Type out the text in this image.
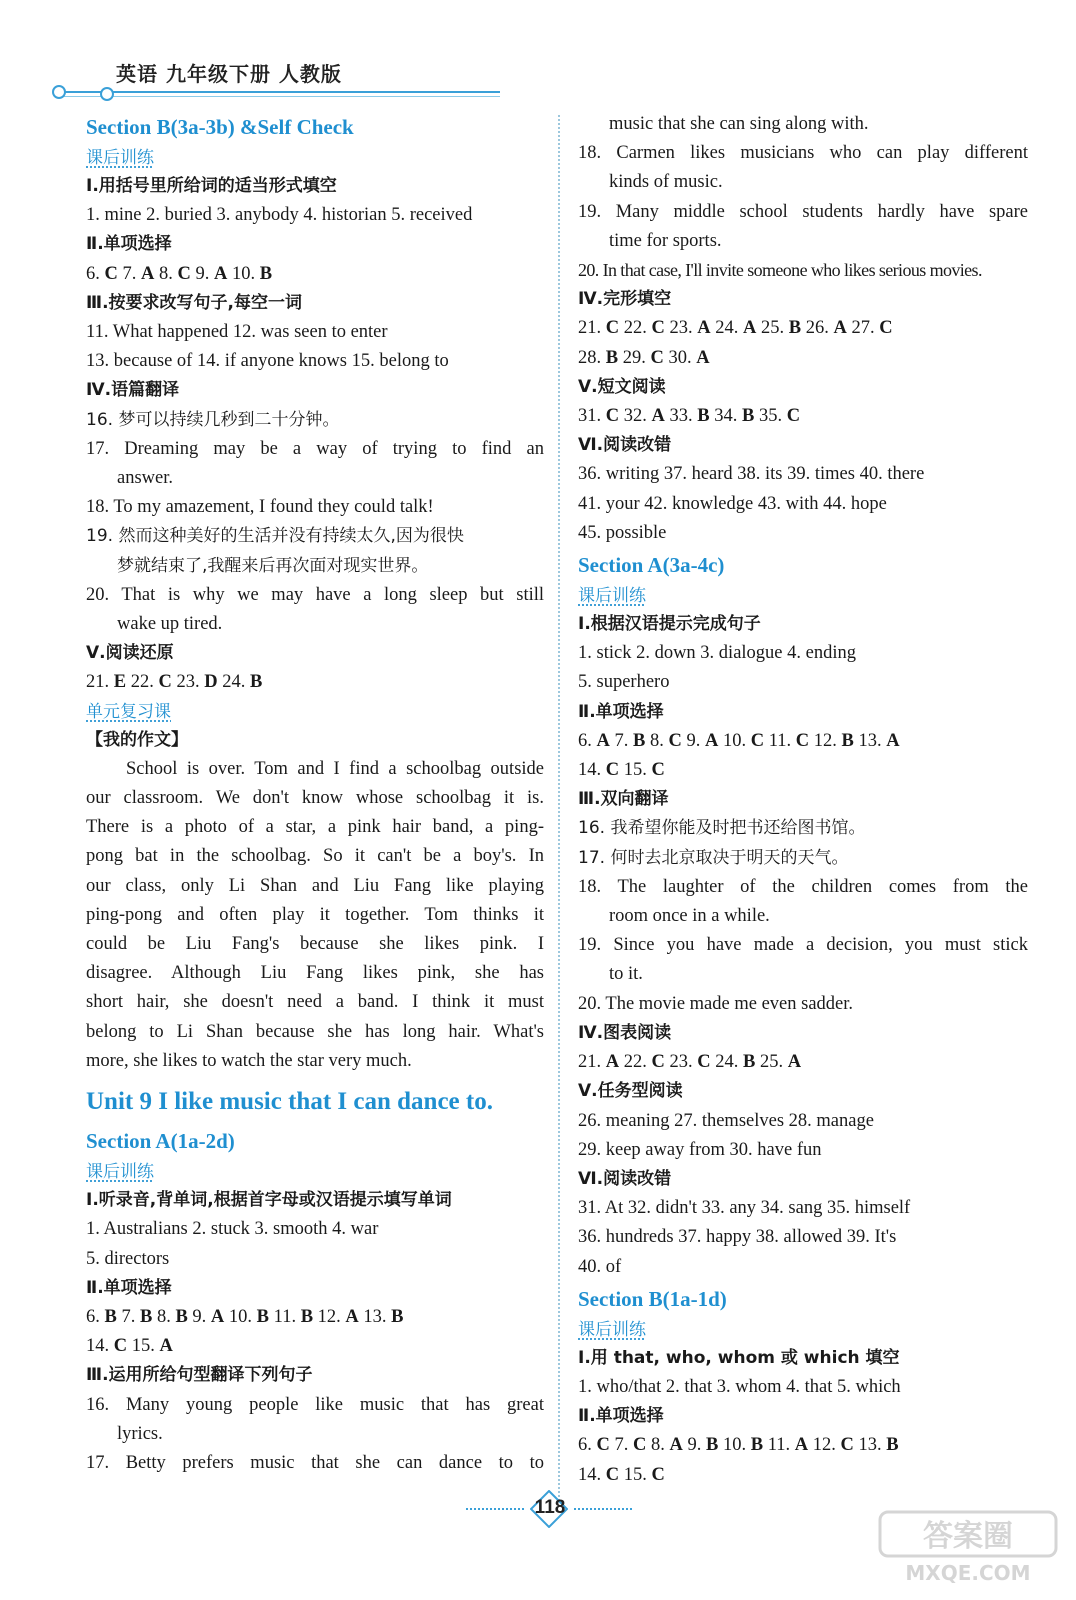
英语 九年级下册 人教版
Section B(3a-3b) &Self Check
课后训练
Ⅰ.用括号里所给词的适当形式填空
1. mine 2. buried 3. anybody 4. historian 5. received
Ⅱ.单项选择
6. C 7. A 8. C 9. A 10. B
Ⅲ.按要求改写句子,每空一词
11. What happened 12. was seen to enter
13. because of 14. if anyone knows 15. belong to
Ⅳ.语篇翻译
16. 梦可以持续几秒到二十分钟。
17. Dreaming may be a way of trying to find an
answer.
18. To my amazement, I found they could talk!
19. 然而这种美好的生活并没有持续太久,因为很快
梦就结束了,我醒来后再次面对现实世界。
20. That is why we may have a long sleep but still
wake up tired.
Ⅴ.阅读还原
21. E 22. C 23. D 24. B
单元复习课
【我的作文】
School is over. Tom and I find a schoolbag outside
our classroom. We don't know whose schoolbag it is.
There is a photo of a star, a pink hair band, a ping-
pong bat in the schoolbag. So it can't be a boy's. In
our class, only Li Shan and Liu Fang like playing
ping-pong and often play it together. Tom thinks it
could be Liu Fang's because she likes pink. I
disagree. Although Liu Fang likes pink, she has
short hair, she doesn't need a band. I think it must
belong to Li Shan because she has long hair. What's
more, she likes to watch the star very much.
Unit 9 I like music that I can dance to.
Section A(1a-2d)
课后训练
Ⅰ.听录音,背单词,根据首字母或汉语提示填写单词
1. Australians 2. stuck 3. smooth 4. war
5. directors
Ⅱ.单项选择
6. B 7. B 8. B 9. A 10. B 11. B 12. A 13. B
14. C 15. A
Ⅲ.运用所给句型翻译下列句子
16. Many young people like music that has great
lyrics.
17. Betty prefers music that she can dance to to
music that she can sing along with.
18. Carmen likes musicians who can play different
kinds of music.
19. Many middle school students hardly have spare
time for sports.
20. In that case, I'll invite someone who likes serious movies.
Ⅳ.完形填空
21. C 22. C 23. A 24. A 25. B 26. A 27. C
28. B 29. C 30. A
Ⅴ.短文阅读
31. C 32. A 33. B 34. B 35. C
Ⅵ.阅读改错
36. writing 37. heard 38. its 39. times 40. there
41. your 42. knowledge 43. with 44. hope
45. possible
Section A(3a-4c)
课后训练
Ⅰ.根据汉语提示完成句子
1. stick 2. down 3. dialogue 4. ending
5. superhero
Ⅱ.单项选择
6. A 7. B 8. C 9. A 10. C 11. C 12. B 13. A
14. C 15. C
Ⅲ.双向翻译
16. 我希望你能及时把书还给图书馆。
17. 何时去北京取决于明天的天气。
18. The laughter of the children comes from the
room once in a while.
19. Since you have made a decision, you must stick
to it.
20. The movie made me even sadder.
Ⅳ.图表阅读
21. A 22. C 23. C 24. B 25. A
Ⅴ.任务型阅读
26. meaning 27. themselves 28. manage
29. keep away from 30. have fun
Ⅵ.阅读改错
31. At 32. didn't 33. any 34. sang 35. himself
36. hundreds 37. happy 38. allowed 39. It's
40. of
Section B(1a-1d)
课后训练
Ⅰ.用 that, who, whom 或 which 填空
1. who/that 2. that 3. whom 4. that 5. which
Ⅱ.单项选择
6. C 7. C 8. A 9. B 10. B 11. A 12. C 13. B
14. C 15. C
118
答案圈
MXQE.COM
